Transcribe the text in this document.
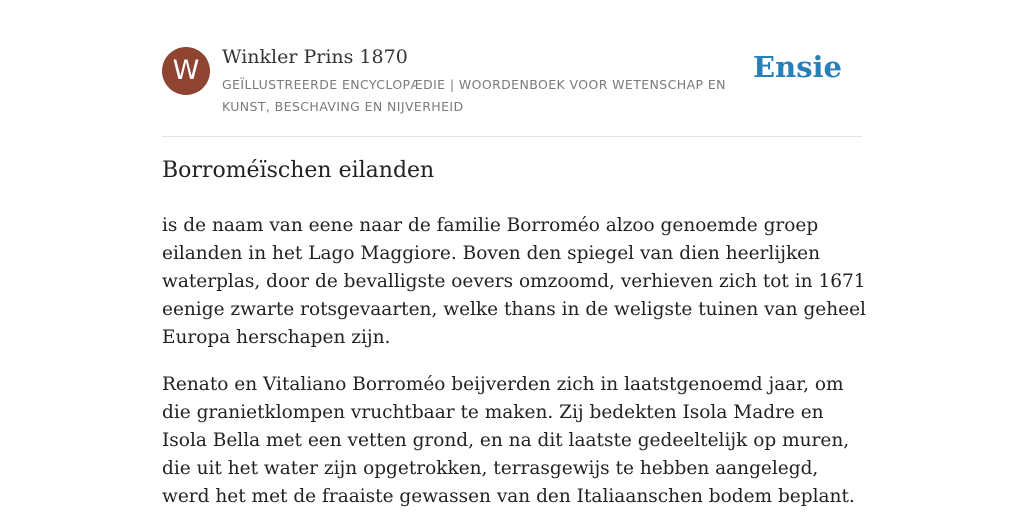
W	Winkler Prins 1870
GEÏLLUSTREERDE ENCYCLOPÆDIE | WOORDENBOEK VOOR WETENSCHAP EN KUNST, BESCHAVING EN NIJVERHEID
Ensie
Borroméïschen eilanden

is de naam van eene naar de familie Borroméo alzoo genoemde groep eilanden in het Lago Maggiore. Boven den spiegel van dien heerlijken waterplas, door de bevalligste oevers omzoomd, verhieven zich tot in 1671 eenige zwarte rotsgevaarten, welke thans in de weligste tuinen van geheel Europa herschapen zijn.

Renato en Vitaliano Borroméo beijverden zich in laatstgenoemd jaar, om die granietklompen vruchtbaar te maken. Zij bedekten Isola Madre en Isola Bella met een vetten grond, en na dit laatste gedeeltelijk op muren, die uit het water zijn opgetrokken, terrasgewijs te hebben aangelegd, werd het met de fraaiste gewassen van den Italiaanschen bodem beplant.
